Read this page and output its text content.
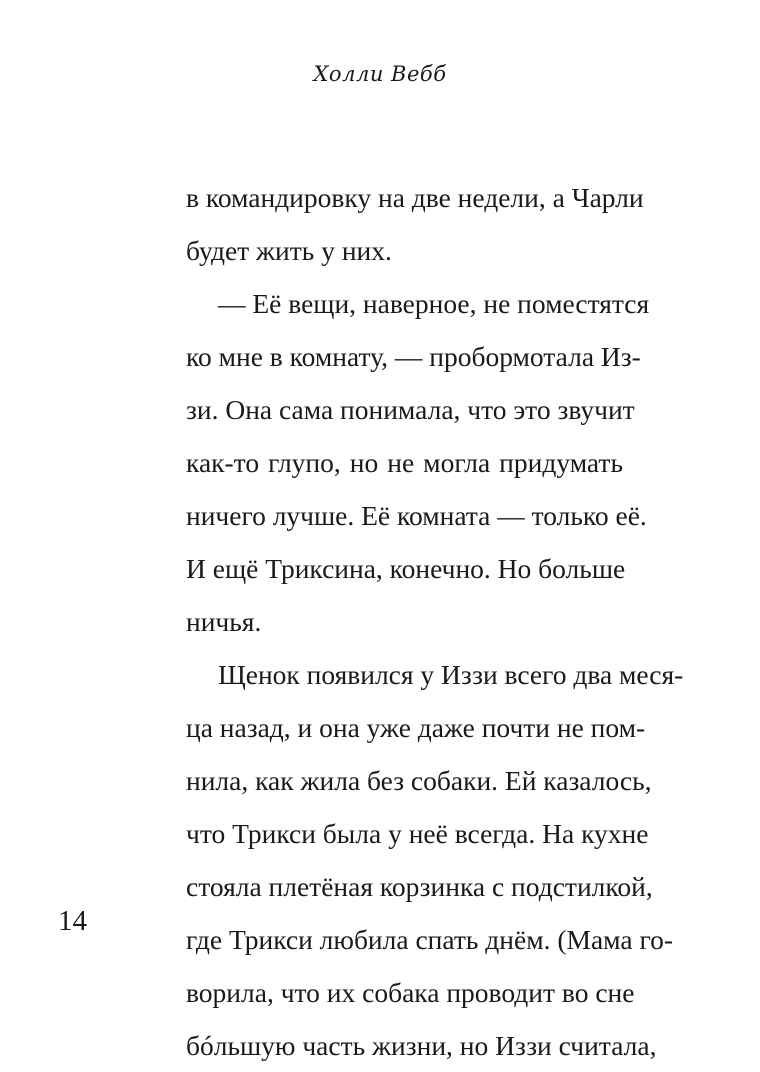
Холли Вебб
в командировку на две недели, а Чарли
будет жить у них.
— Её вещи, наверное, не поместятся
ко мне в комнату, — пробормотала Из-
зи. Она сама понимала, что это звучит
как-то глупо, но не могла придумать
ничего лучше. Её комната — только её.
И ещё Триксина, конечно. Но больше
ничья.
Щенок появился у Иззи всего два меся-
ца назад, и она уже даже почти не пом-
нила, как жила без собаки. Ей казалось,
что Трикси была у неё всегда. На кухне
стояла плетёная корзинка с подстилкой,
где Трикси любила спать днём. (Мама го-
ворила, что их собака проводит во сне
бóльшую часть жизни, но Иззи считала,
14
